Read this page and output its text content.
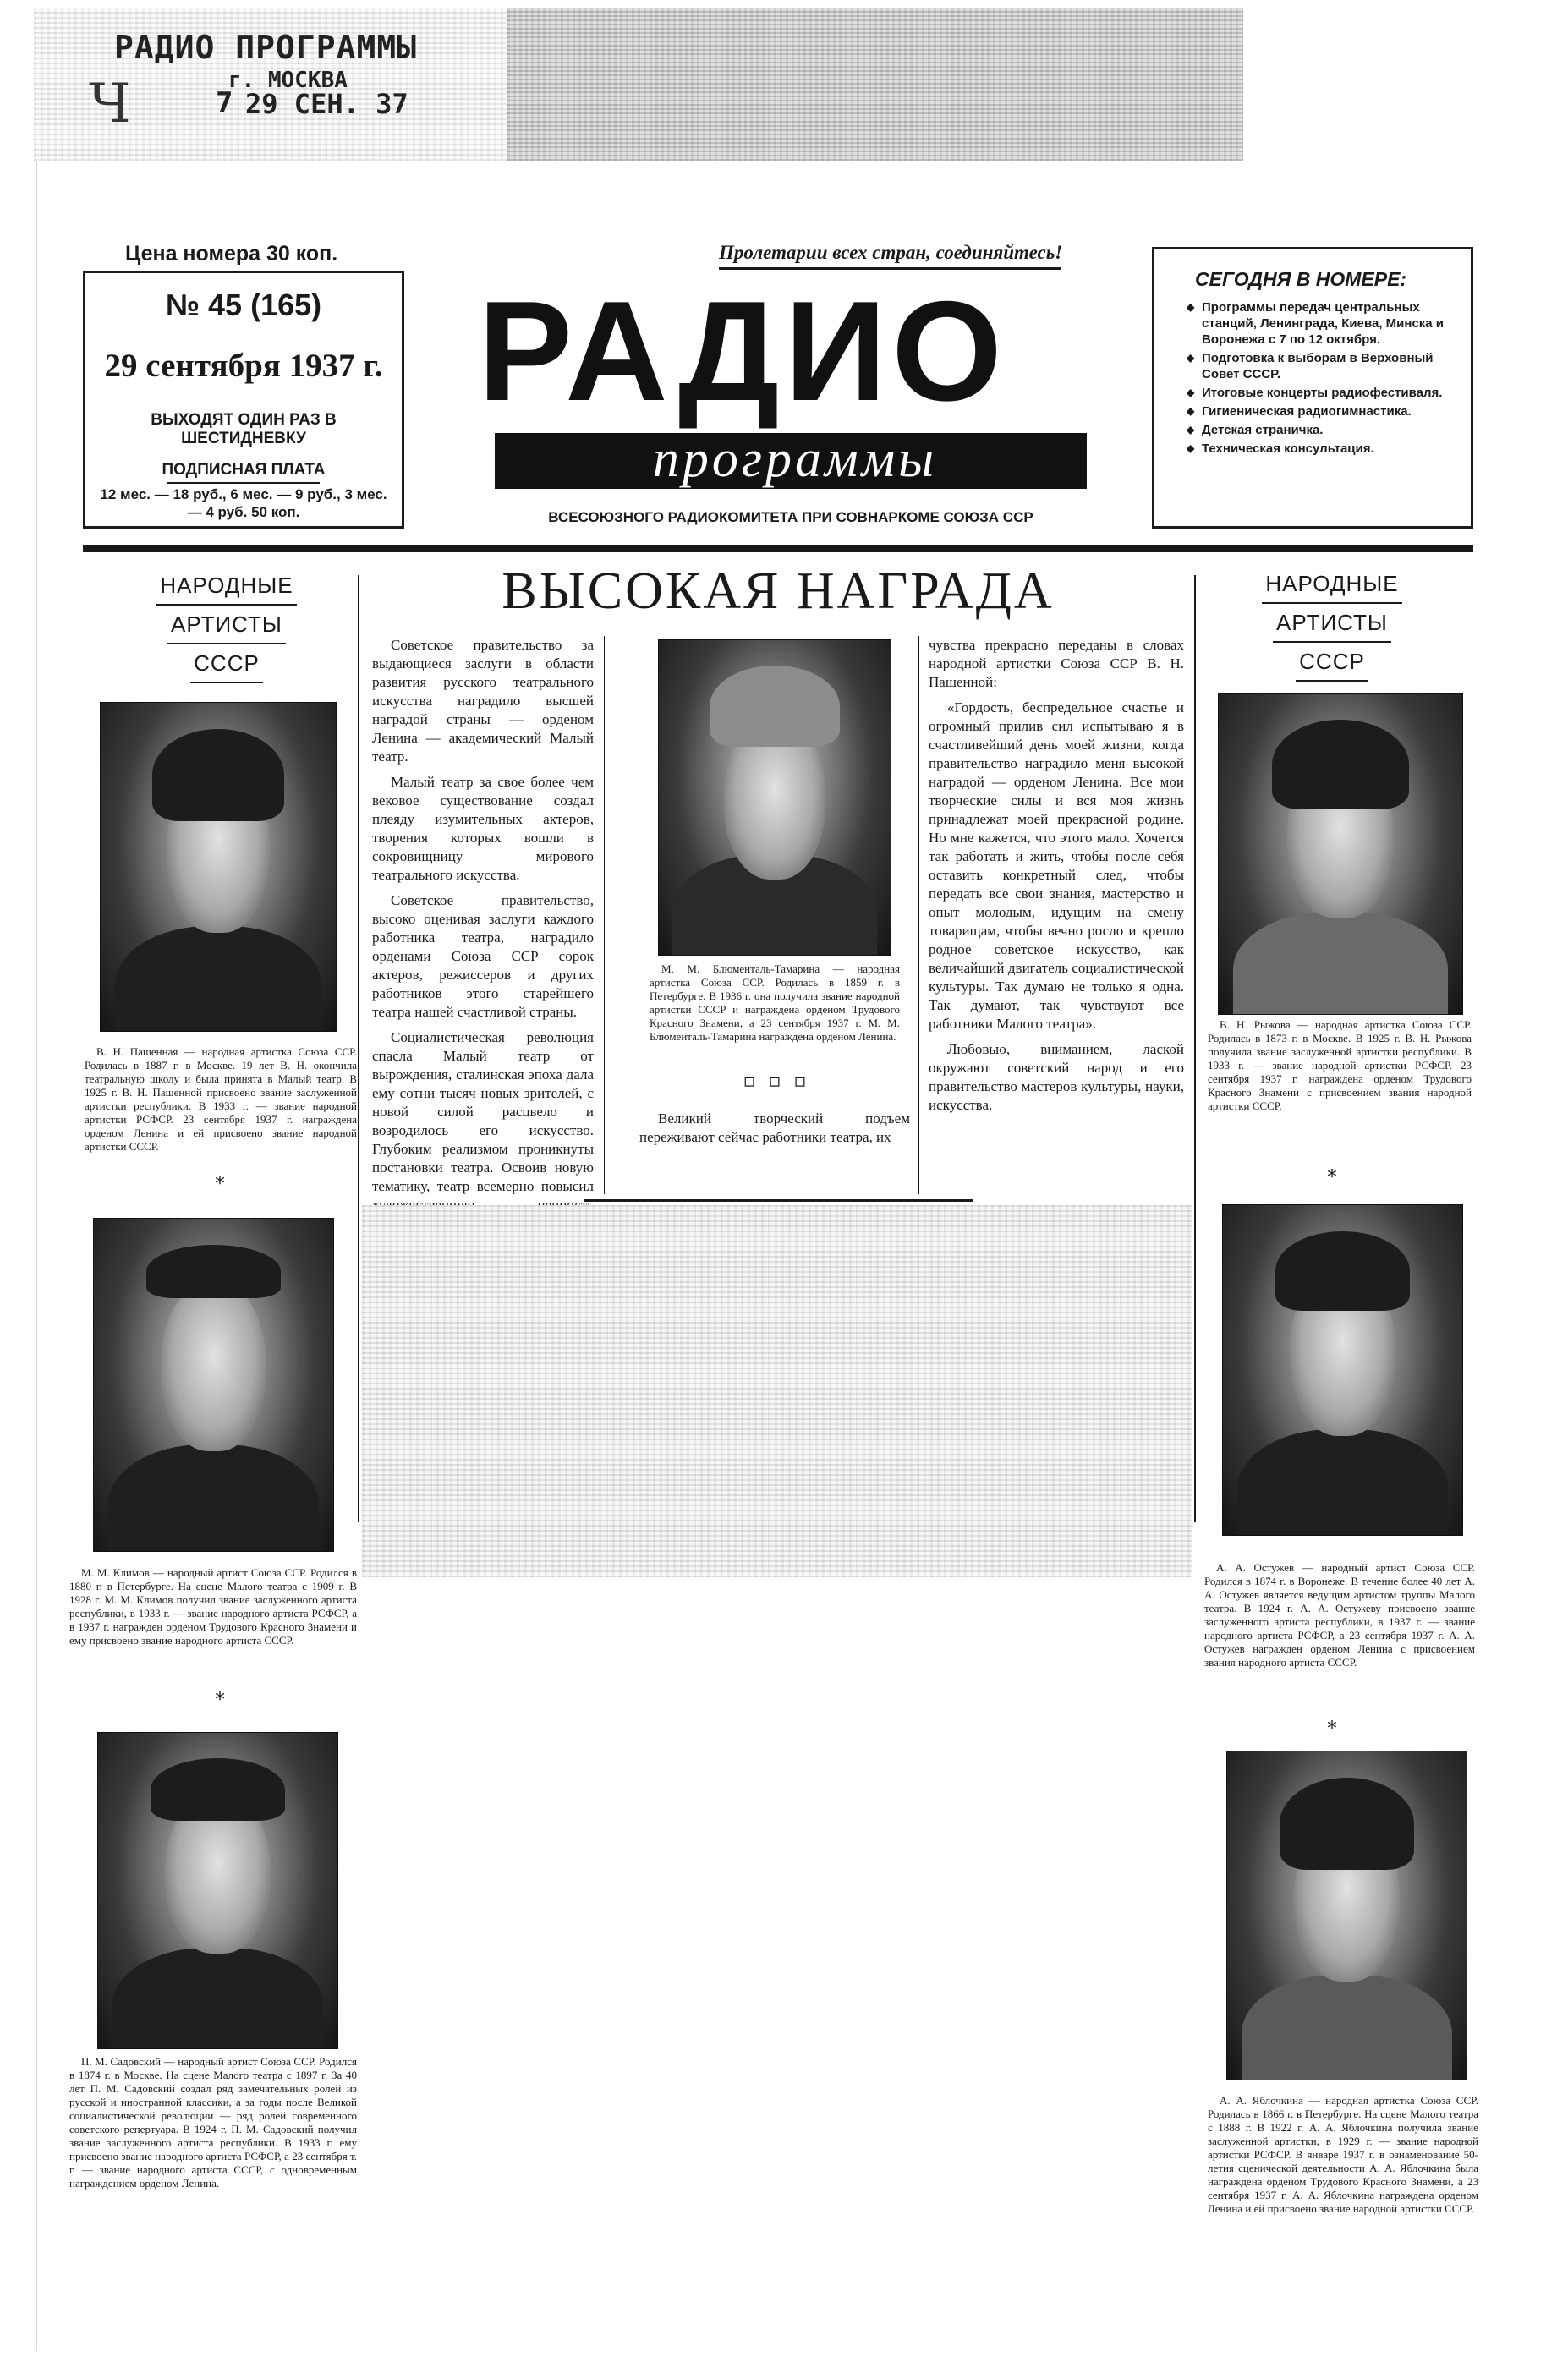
РАДИО ПРОГРАММЫ
г. МОСКВА
7 29 СЕН. 37
Ч
Цена номера 30 коп.
№ 45 (165)
29 сентября 1937 г.
ВЫХОДЯТ ОДИН РАЗ В ШЕСТИДНЕВКУ
ПОДПИСНАЯ ПЛАТА
12 мес. — 18 руб., 6 мес. — 9 руб., 3 мес. — 4 руб. 50 коп.
Пролетарии всех стран, соединяйтесь!
РАДИО
программы
ВСЕСОЮЗНОГО РАДИОКОМИТЕТА ПРИ СОВНАРКОМЕ СОЮЗА ССР
СЕГОДНЯ В НОМЕРЕ:
◆ Программы передач центральных станций, Ленинграда, Киева, Минска и Воронежа с 7 по 12 октября.
◆ Подготовка к выборам в Верховный Совет СССР.
◆ Итоговые концерты радиофестиваля.
◆ Гигиеническая радиогимнастика.
◆ Детская страничка.
◆ Техническая консультация.
НАРОДНЫЕ
АРТИСТЫ
СССР

В. Н. Пашенная — народная артистка Союза ССР. Родилась в 1887 г. в Москве. 19 лет В. Н. окончила театральную школу и была принята в Малый театр. В 1925 г. В. Н. Пашенной присвоено звание заслуженной артистки республики. В 1933 г. — звание народной артистки РСФСР. 23 сентября 1937 г. награждена орденом Ленина и ей присвоено звание народной артистки СССР.

*

М. М. Климов — народный артист Союза ССР. Родился в 1880 г. в Петербурге. На сцене Малого театра с 1909 г. В 1928 г. М. М. Климов получил звание заслуженного артиста республики, в 1933 г. — звание народного артиста РСФСР, а в 1937 г. награжден орденом Трудового Красного Знамени и ему присвоено звание народного артиста СССР.

*

П. М. Садовский — народный артист Союза ССР. Родился в 1874 г. в Москве. На сцене Малого театра с 1897 г. За 40 лет П. М. Садовский создал ряд замечательных ролей из русской и иностранной классики, а за годы после Великой социалистической революции — ряд ролей современного советского репертуара. В 1924 г. П. М. Садовский получил звание заслуженного артиста республики. В 1933 г. ему присвоено звание народного артиста РСФСР, а 23 сентября т. г. — звание народного артиста СССР, с одновременным награждением орденом Ленина.

ВЫСОКАЯ НАГРАДА

Советское правительство за выдающиеся заслуги в области развития русского театрального искусства наградило высшей наградой страны — орденом Ленина — академический Малый театр.

Малый театр за свое более чем вековое существование создал плеяду изумительных актеров, творения которых вошли в сокровищницу мирового театрального искусства.

Советское правительство, высоко оценивая заслуги каждого работника театра, наградило орденами Союза ССР сорок актеров, режиссеров и других работников этого старейшего театра нашей счастливой страны.

Социалистическая революция спасла Малый театр от вырождения, сталинская эпоха дала ему сотни тысяч новых зрителей, с новой силой расцвело и возродилось его искусство. Глубоким реализмом проникнуты постановки театра. Освоив новую тематику, театр всемерно повысил

М. М. Блюменталь-Тамарина — народная артистка Союза ССР. Родилась в 1859 г. в Петербурге. В 1936 г. она получила звание народной артистки СССР и награждена орденом Трудового Красного Знамени, а 23 сентября 1937 г. М. М. Блюменталь-Тамарина награждена орденом Ленина.

▫ ▫ ▫

Великий творческий подъем переживают сейчас работники театра, их

чувства прекрасно переданы в словах народной артистки Союза ССР В. Н. Пашенной:

«Гордость, беспредельное счастье и огромный прилив сил испытываю я в счастливейший день моей жизни, когда правительство наградило меня высокой наградой — орденом Ленина. Все мои творческие силы и вся моя жизнь принадлежат моей прекрасной родине. Но мне кажется, что этого мало. Хочется так работать и жить, чтобы после себя оставить конкретный след, чтобы передать все свои знания, мастерство и опыт молодым, идущим на смену товарищам, чтобы вечно росло и крепло родное советское искусство, как величайший двигатель социалистической культуры. Так думаю не только я одна. Так думают, так чувствуют все работники Малого театра».

Любовью, вниманием, лаской окружают советский народ и его правительство мастеров культуры, науки, искусства.

НАРОДНЫЕ
АРТИСТЫ
СССР

В. Н. Рыжова — народная артистка Союза ССР. Родилась в 1873 г. в Москве. В 1925 г. В. Н. Рыжова получила звание заслуженной артистки республики. В 1933 г. — звание народной артистки РСФСР. 23 сентября 1937 г. награждена орденом Трудового Красного Знамени с присвоением звания народной артистки СССР.

*

А. А. Остужев — народный артист Союза ССР. Родился в 1874 г. в Воронеже. В течение более 40 лет А. А. Остужев является ведущим артистом труппы Малого театра. В 1924 г. А. А. Остужеву присвоено звание заслуженного артиста республики, в 1937 г. — звание народного артиста РСФСР, а 23 сентября 1937 г. А. А. Остужев награжден орденом Ленина с присвоением звания народного артиста СССР.

*

А. А. Яблочкина — народная артистка Союза ССР. Родилась в 1866 г. в Петербурге. На сцене Малого театра с 1888 г. В 1922 г. А. А. Яблочкина получила звание заслуженной артистки, в 1929 г. — звание народной артистки РСФСР. В январе 1937 г. в ознаменование 50-летия сценической деятельности А. А. Яблочкина была награждена орденом Трудового Красного Знамени, а 23 сентября 1937 г. А. А. Яблочкина награждена орденом Ленина и ей присвоено звание народной артистки СССР.
